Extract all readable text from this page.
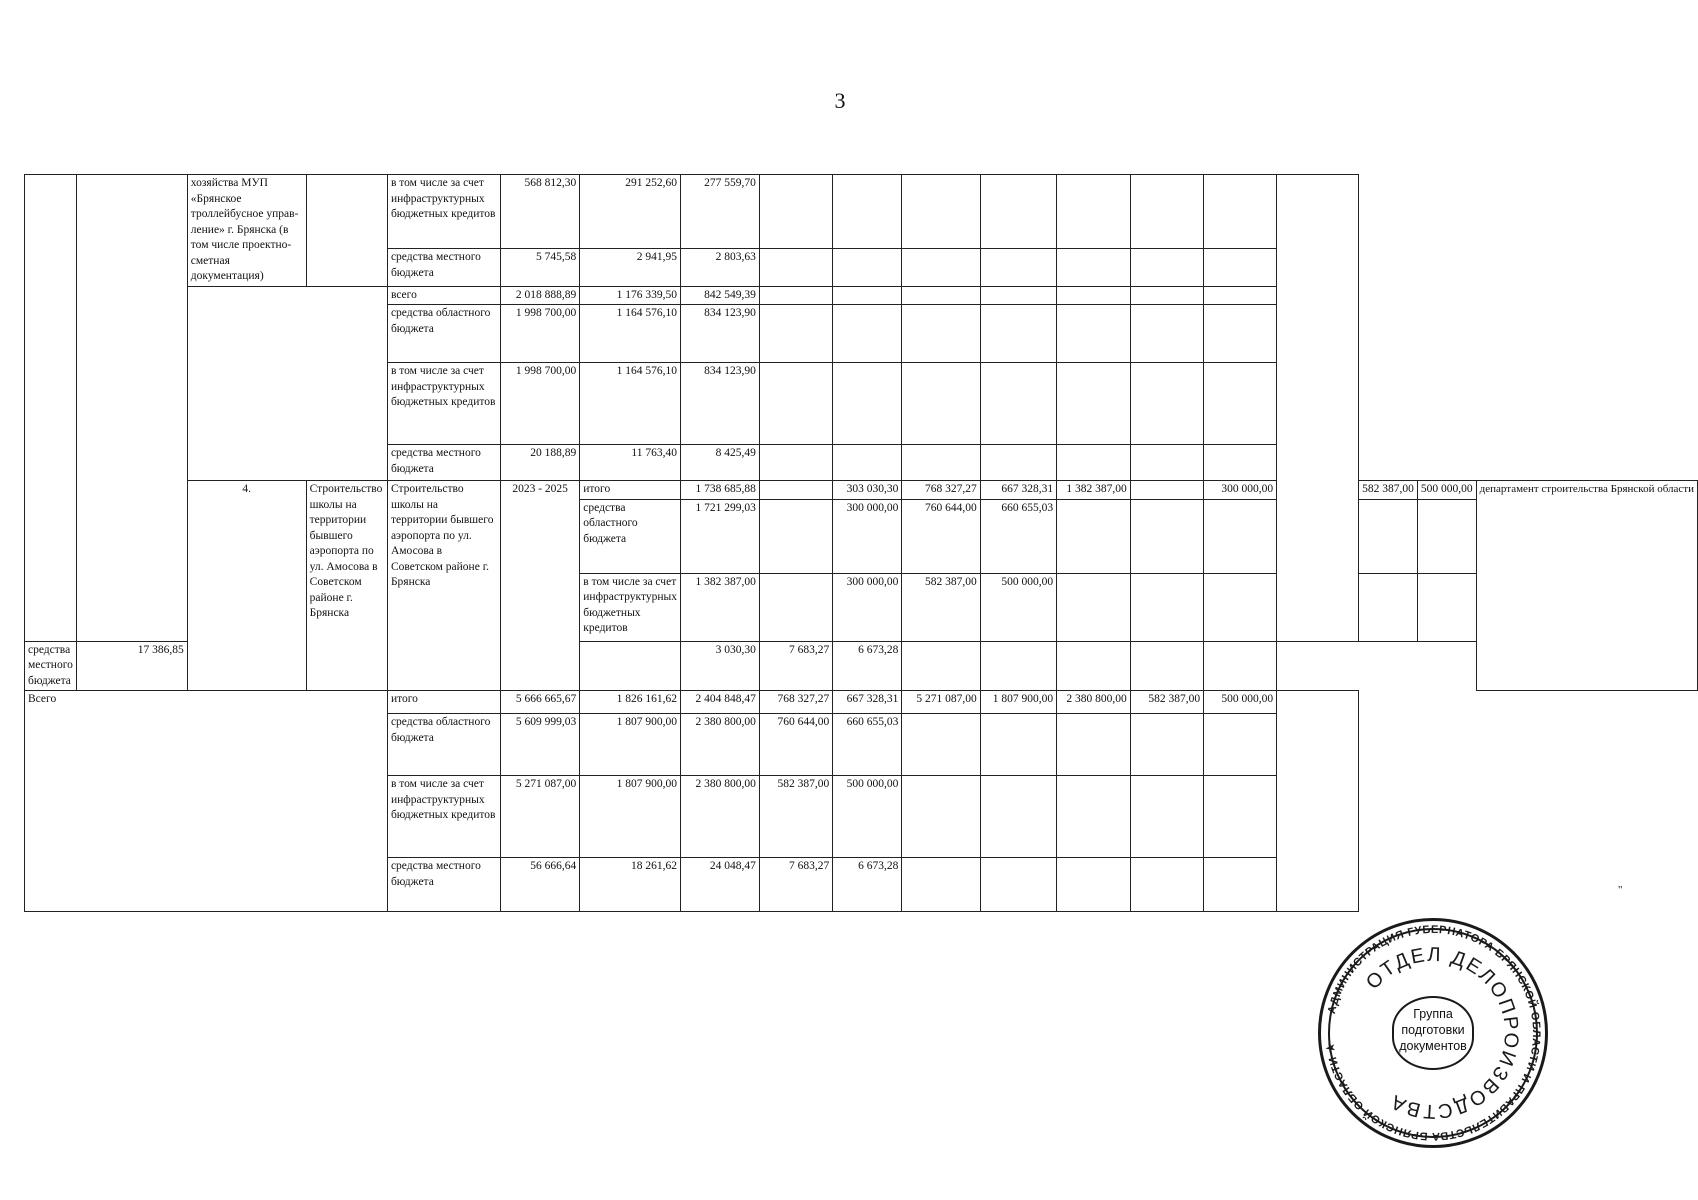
3
		хозяйства МУП «Брянское троллейбусное управ-ление» г. Брянска (в том числе проектно-сметная документация)		в том числе за счет инфраструктурных бюджетных кредитов	568 812,30	291 252,60	277 559,70											
				средства местного бюджета	5 745,58	2 941,95	2 803,63											
				всего	2 018 888,89	1 176 339,50	842 549,39											
				средства областного бюджета	1 998 700,00	1 164 576,10	834 123,90											
				в том числе за счет инфраструктурных бюджетных кредитов	1 998 700,00	1 164 576,10	834 123,90											
				средства местного бюджета	20 188,89	11 763,40	8 425,49											
		4.	Строительство школы на территории бывшего аэропорта по ул. Амосова в Советском районе г. Брянска	Строительство школы на территории бывшего аэропорта по ул. Амосова в Советском районе г. Брянска	2023 - 2025	итого	1 738 685,88		303 030,30	768 327,27	667 328,31	1 382 387,00		300 000,00		582 387,00	500 000,00	департамент строительства Брянской области
						средства областного бюджета	1 721 299,03		300 000,00	760 644,00	660 655,03							
						в том числе за счет инфраструктурных бюджетных кредитов	1 382 387,00		300 000,00	582 387,00	500 000,00							
средства местного бюджета	17 386,85						3 030,30	7 683,27	6 673,28									
Всего				итого	5 666 665,67	1 826 161,62	2 404 848,47	768 327,27	667 328,31	5 271 087,00	1 807 900,00	2 380 800,00	582 387,00	500 000,00				
				средства областного бюджета	5 609 999,03	1 807 900,00	2 380 800,00	760 644,00	660 655,03									
				в том числе за счет инфраструктурных бюджетных кредитов	5 271 087,00	1 807 900,00	2 380 800,00	582 387,00	500 000,00									
				средства местного бюджета	56 666,64	18 261,62	24 048,47	7 683,27	6 673,28									
"
АДМИНИСТРАЦИЯ ГУБЕРНАТОРА БРЯНСКОЙ ОБЛАСТИ И ПРАВИТЕЛЬСТВА БРЯНСКОЙ ОБЛАСТИ ★
ОТДЕЛ ДЕЛОПРОИЗВОДСТВА
Группа
подготовки
документов
